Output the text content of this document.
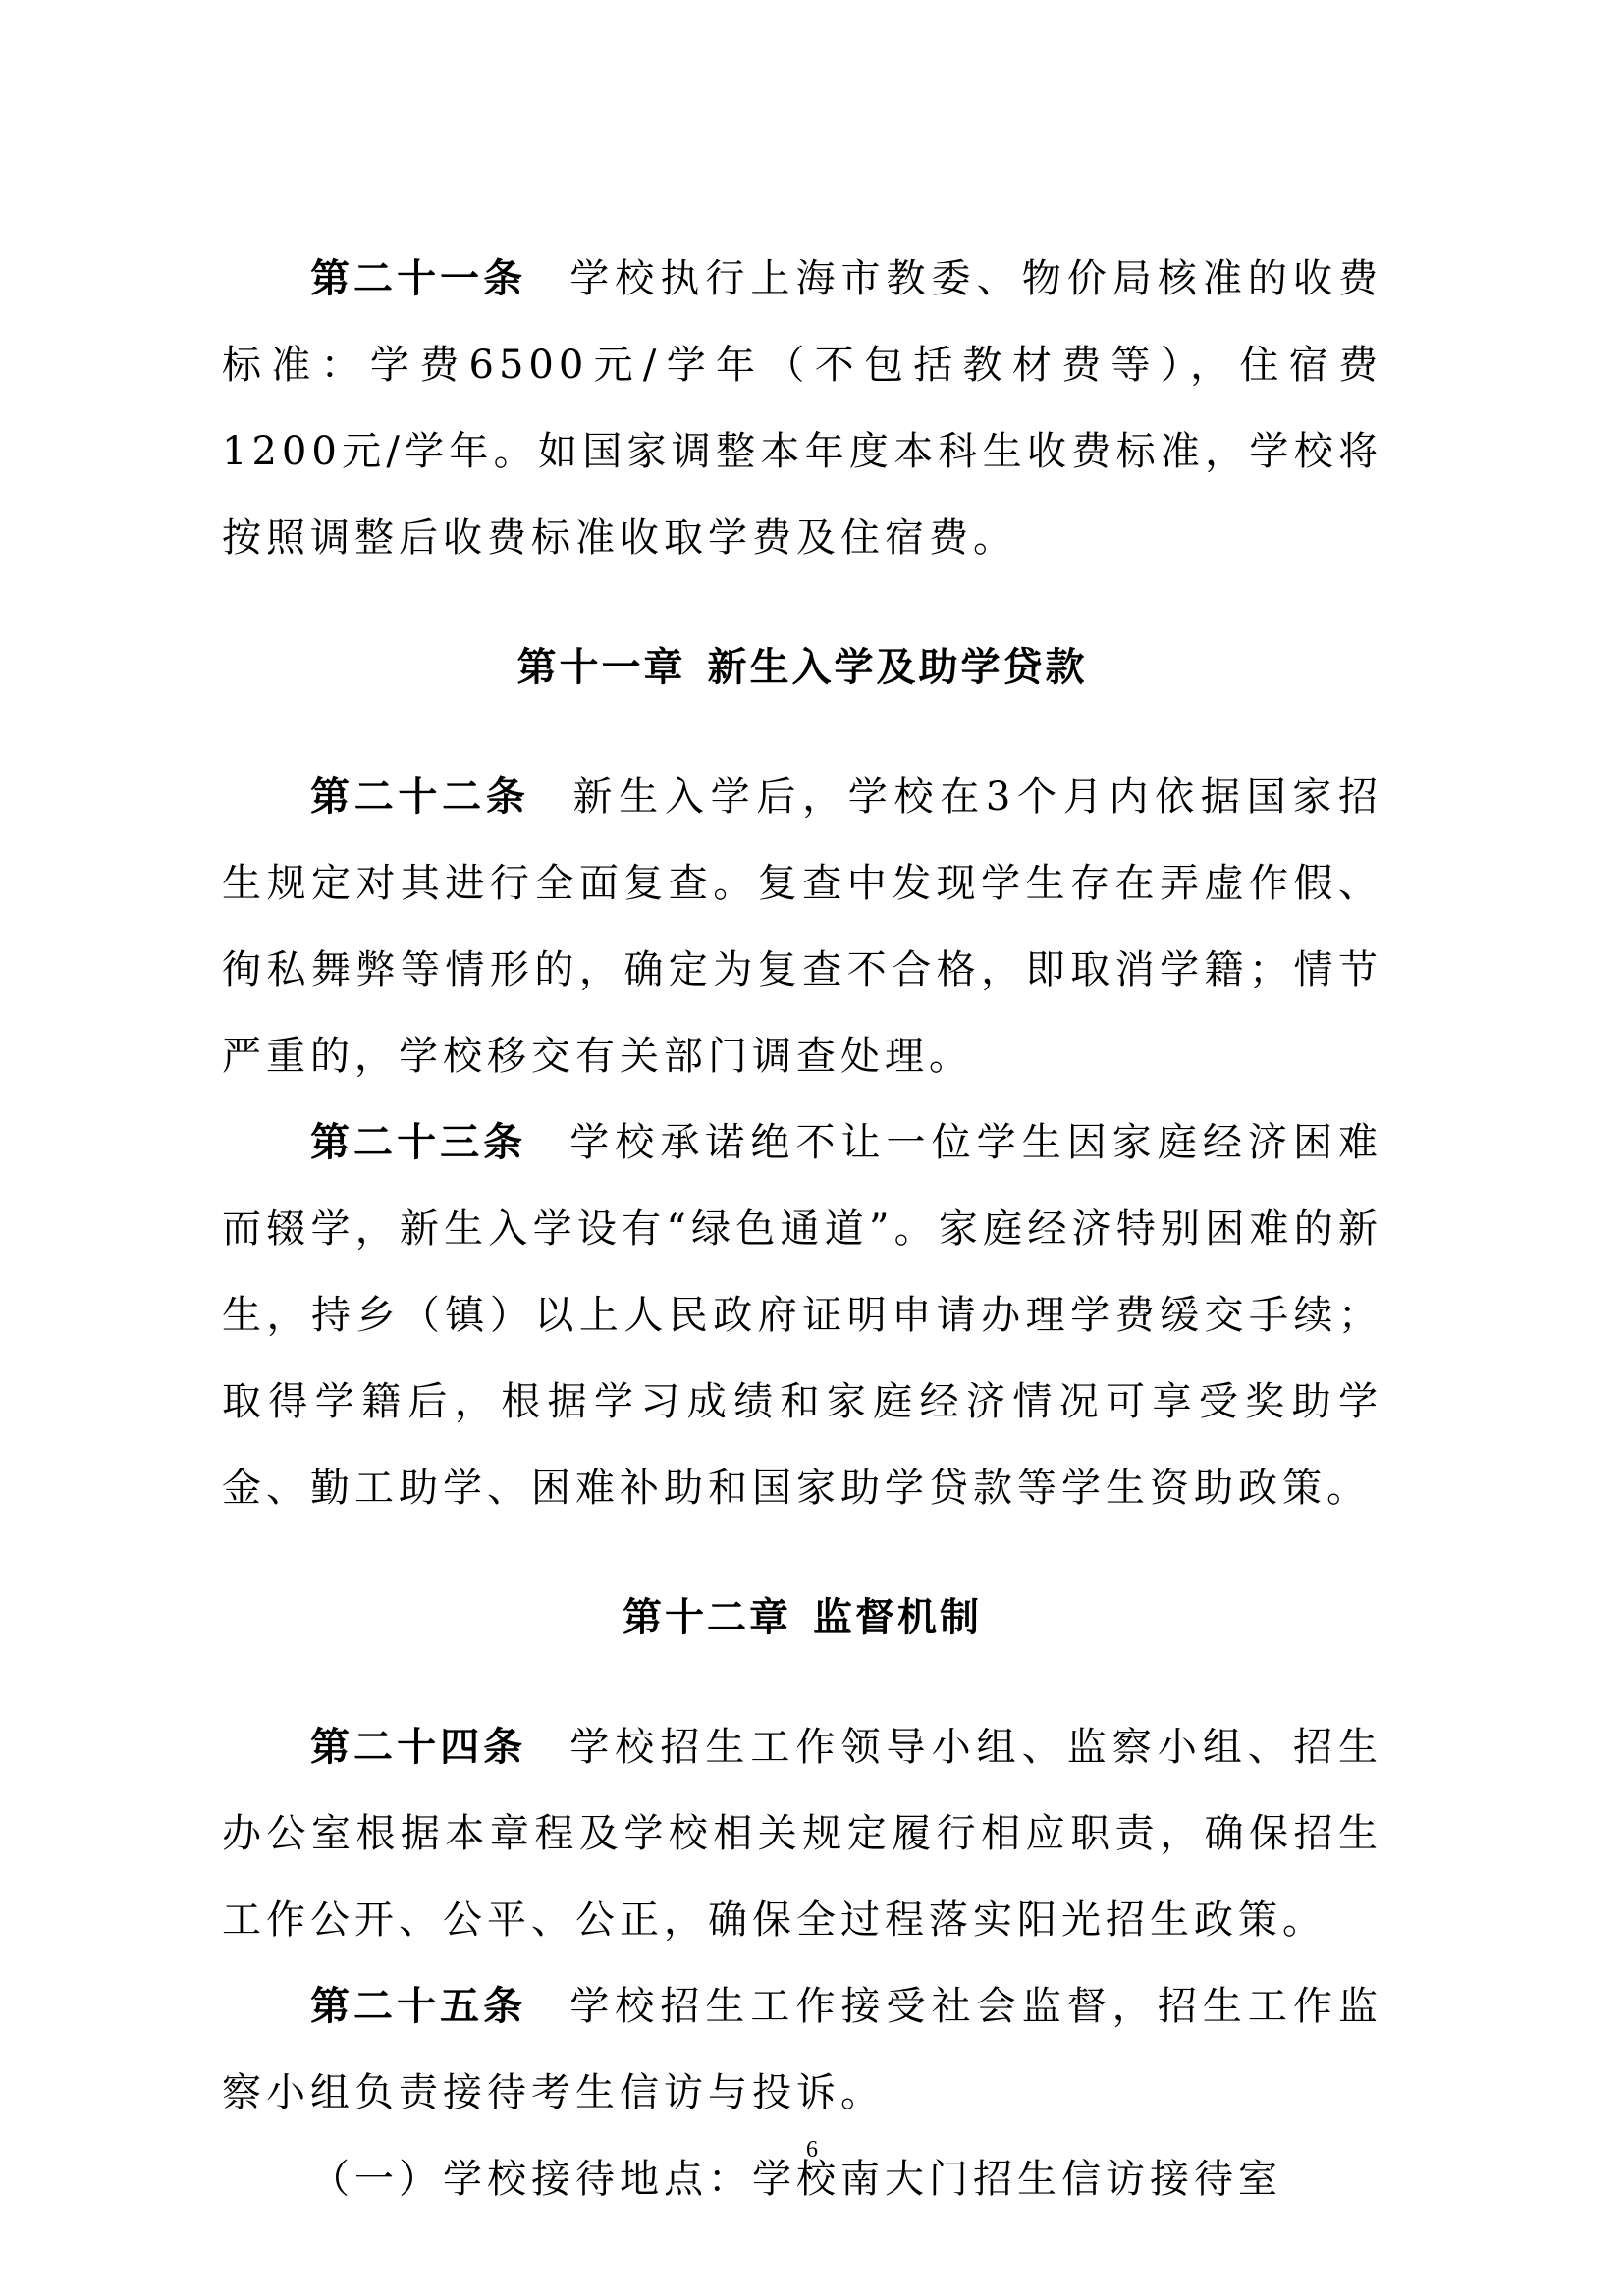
第二十一条 学校执行上海市教委、物价局核准的收费标准：学费6500元/学年（不包括教材费等），住宿费1200元/学年。如国家调整本年度本科生收费标准，学校将按照调整后收费标准收取学费及住宿费。

第十一章 新生入学及助学贷款

第二十二条 新生入学后，学校在3个月内依据国家招生规定对其进行全面复查。复查中发现学生存在弄虚作假、徇私舞弊等情形的，确定为复查不合格，即取消学籍；情节严重的，学校移交有关部门调查处理。

第二十三条 学校承诺绝不让一位学生因家庭经济困难而辍学，新生入学设有“绿色通道”。家庭经济特别困难的新生，持乡（镇）以上人民政府证明申请办理学费缓交手续；取得学籍后，根据学习成绩和家庭经济情况可享受奖助学金、勤工助学、困难补助和国家助学贷款等学生资助政策。

第十二章 监督机制

第二十四条 学校招生工作领导小组、监察小组、招生办公室根据本章程及学校相关规定履行相应职责，确保招生工作公开、公平、公正，确保全过程落实阳光招生政策。

第二十五条 学校招生工作接受社会监督，招生工作监察小组负责接待考生信访与投诉。

（一）学校接待地点：学校南大门招生信访接待室

6
